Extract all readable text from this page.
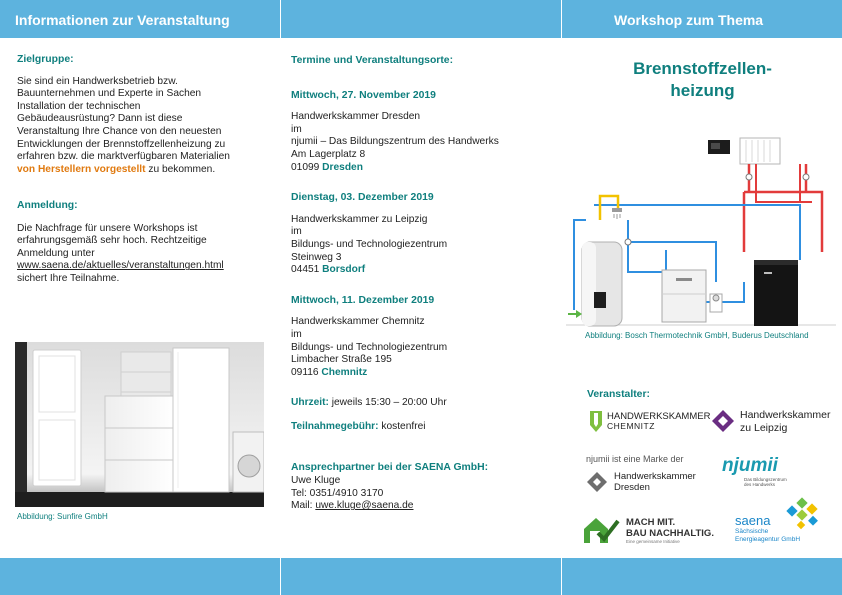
Informationen zur Veranstaltung	Workshop zum Thema
Zielgruppe:
Sie sind ein Handwerksbetrieb bzw.
Bauunternehmen und Experte in Sachen
Installation der technischen
Gebäudeausrüstung? Dann ist diese
Veranstaltung Ihre Chance von den neuesten
Entwicklungen der Brennstoffzellenheizung zu
erfahren bzw. die marktverfügbaren Materialien
von Herstellern vorgestellt zu bekommen.
Anmeldung:
Die Nachfrage für unsere Workshops ist
erfahrungsgemäß sehr hoch. Rechtzeitige
Anmeldung unter
www.saena.de/aktuelles/veranstaltungen.html
sichert Ihre Teilnahme.
Abbildung: Sunfire GmbH
Termine und Veranstaltungsorte:
Mittwoch, 27. November 2019
Handwerkskammer Dresden
im
njumii – Das Bildungszentrum des Handwerks
Am Lagerplatz 8
01099 Dresden
Dienstag, 03. Dezember 2019
Handwerkskammer zu Leipzig
im
Bildungs- und Technologiezentrum
Steinweg 3
04451 Borsdorf
Mittwoch, 11. Dezember 2019
Handwerkskammer Chemnitz
im
Bildungs- und Technologiezentrum
Limbacher Straße 195
09116 Chemnitz
Uhrzeit: jeweils 15:30 – 20:00 Uhr
Teilnahmegebühr: kostenfrei
Ansprechpartner bei der SAENA GmbH:
Uwe Kluge
Tel: 0351/4910 3170
Mail: uwe.kluge@saena.de
Brennstoffzellen-
heizung
Abbildung: Bosch Thermotechnik GmbH, Buderus Deutschland
Veranstalter:
HANDWERKSKAMMER
CHEMNITZ
Handwerkskammer
zu Leipzig
njumii ist eine Marke der
Handwerkskammer
Dresden
njumii
Das Bildungszentrum des Handwerks
MACH MIT.
BAU NACHHALTIG.
Eine gemeinsame Initiative
saena
Sächsische
Energieagentur GmbH
